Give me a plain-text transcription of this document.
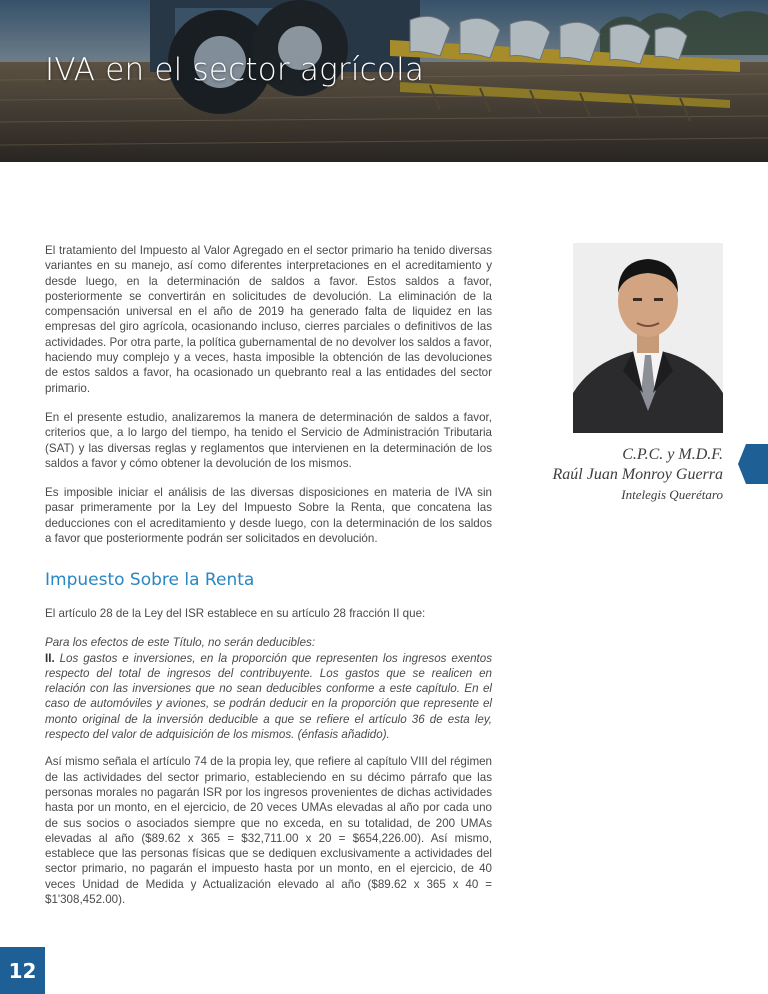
IVA en el sector agrícola

El tratamiento del Impuesto al Valor Agregado en el sector primario ha tenido diversas variantes en su manejo, así como diferentes interpretaciones en el acreditamiento y desde luego, en la determinación de saldos a favor. Estos saldos a favor, posteriormente se convertirán en solicitudes de devolución. La eliminación de la compensación universal en el año de 2019 ha generado falta de liquidez en las empresas del giro agrícola, ocasionando incluso, cierres parciales o definitivos de las actividades. Por otra parte, la política gubernamental de no devolver los saldos a favor, haciendo muy complejo y a veces, hasta imposible la obtención de las devoluciones de estos saldos a favor, ha ocasionado un quebranto real a las entidades del sector primario.

En el presente estudio, analizaremos la manera de determinación de saldos a favor, criterios que, a lo largo del tiempo, ha tenido el Servicio de Administración Tributaria (SAT) y las diversas reglas y reglamentos que intervienen en la determinación de los saldos a favor y cómo obtener la devolución de los mismos.

Es imposible iniciar el análisis de las diversas disposiciones en materia de IVA sin pasar primeramente por la Ley del Impuesto Sobre la Renta, que concatena las deducciones con el acreditamiento y desde luego, con la determinación de los saldos a favor que posteriormente podrán ser solicitados en devolución.

C.P.C. y M.D.F.
Raúl Juan Monroy Guerra
Intelegis Querétaro
Impuesto Sobre la Renta

El artículo 28 de la Ley del ISR establece en su artículo 28 fracción II que:

Para los efectos de este Título, no serán deducibles:
II. Los gastos e inversiones, en la proporción que representen los ingresos exentos respecto del total de ingresos del contribuyente. Los gastos que se realicen en relación con las inversiones que no sean deducibles conforme a este capítulo. En el caso de automóviles y aviones, se podrán deducir en la proporción que represente el monto original de la inversión deducible a que se refiere el artículo 36 de esta ley, respecto del valor de adquisición de los mismos. (énfasis añadido).

Así mismo señala el artículo 74 de la propia ley, que refiere al capítulo VIII del régimen de las actividades del sector primario, estableciendo en su décimo párrafo que las personas morales no pagarán ISR por los ingresos provenientes de dichas actividades hasta por un monto, en el ejercicio, de 20 veces UMAs elevadas al año por cada uno de sus socios o asociados siempre que no exceda, en su totalidad, de 200 UMAs elevadas al año ($89.62 x 365 = $32,711.00 x 20 = $654,226.00). Así mismo, establece que las personas físicas que se dediquen exclusivamente a actividades del sector primario, no pagarán el impuesto hasta por un monto, en el ejercicio, de 40 veces Unidad de Medida y Actualización elevado al año ($89.62 x 365 x 40 = $1'308,452.00).

12
